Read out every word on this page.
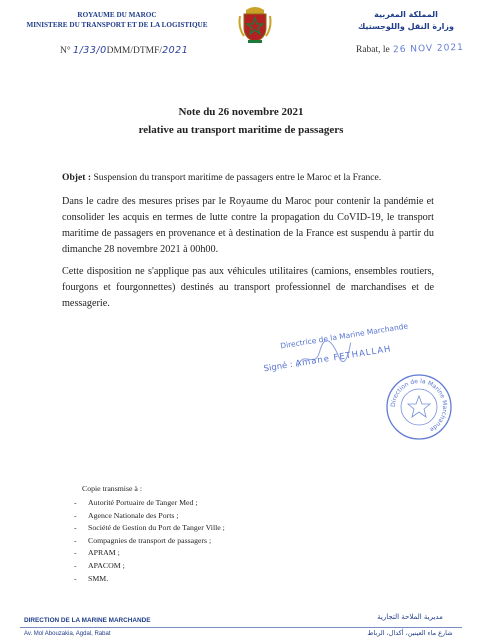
ROYAUME DU MAROC
MINISTERE DU TRANSPORT ET DE LA LOGISTIQUE
المملكة المغربية
وزارة النقل واللوجستيك
N° 1/33/0DMM/DTMF/2021	Rabat, le 26 NOV 2021
Note du 26 novembre 2021
relative au transport maritime de passagers
Objet : Suspension du transport maritime de passagers entre le Maroc et la France.
Dans le cadre des mesures prises par le Royaume du Maroc pour contenir la pandémie et consolider les acquis en termes de lutte contre la propagation du CoVID-19, le transport maritime de passagers en provenance et à destination de la France est suspendu à partir du dimanche 28 novembre 2021 à 00h00.
Cette disposition ne s'applique pas aux véhicules utilitaires (camions, ensembles routiers, fourgons et fourgonnettes) destinés au transport professionnel de marchandises et de messagerie.
Directrice de la Marine Marchande
Signé : Amane FETHALLAH
Direction de la Marine Marchande
Copie transmise à :
- Autorité Portuaire de Tanger Med ;
- Agence Nationale des Ports ;
- Société de Gestion du Port de Tanger Ville ;
- Compagnies de transport de passagers ;
- APRAM ;
- APACOM ;
- SMM.
DIRECTION DE LA MARINE MARCHANDE	مديرية الملاحة التجارية
Av. Mol Abouzakia, Agdal, Rabat	شارع ماء العينين، أكدال، الرباط
